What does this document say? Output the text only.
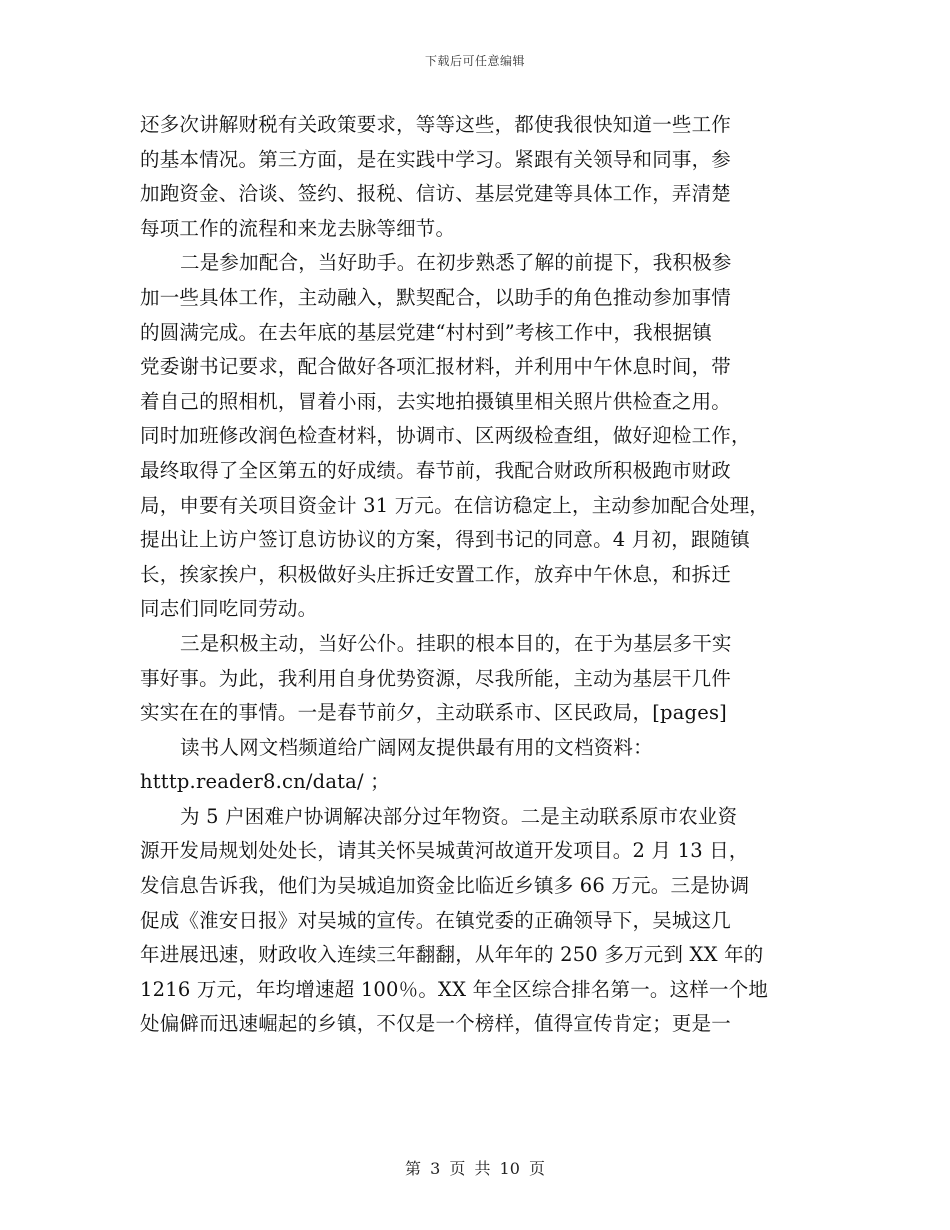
下载后可任意编辑
还多次讲解财税有关政策要求，等等这些，都使我很快知道一些工作
的基本情况。第三方面，是在实践中学习。紧跟有关领导和同事，参
加跑资金、洽谈、签约、报税、信访、基层党建等具体工作，弄清楚
每项工作的流程和来龙去脉等细节。
二是参加配合，当好助手。在初步熟悉了解的前提下，我积极参
加一些具体工作，主动融入，默契配合，以助手的角色推动参加事情
的圆满完成。在去年底的基层党建“村村到”考核工作中，我根据镇
党委谢书记要求，配合做好各项汇报材料，并利用中午休息时间，带
着自己的照相机，冒着小雨，去实地拍摄镇里相关照片供检查之用。
同时加班修改润色检查材料，协调市、区两级检查组，做好迎检工作，
最终取得了全区第五的好成绩。春节前，我配合财政所积极跑市财政
局，申要有关项目资金计 31 万元。在信访稳定上，主动参加配合处理，
提出让上访户签订息访协议的方案，得到书记的同意。4 月初，跟随镇
长，挨家挨户，积极做好头庄拆迁安置工作，放弃中午休息，和拆迁
同志们同吃同劳动。
三是积极主动，当好公仆。挂职的根本目的，在于为基层多干实
事好事。为此，我利用自身优势资源，尽我所能，主动为基层干几件
实实在在的事情。一是春节前夕，主动联系市、区民政局，[pages]
读书人网文档频道给广阔网友提供最有用的文档资料：
htttp.reader8.cn/data/ ；
为 5 户困难户协调解决部分过年物资。二是主动联系原市农业资
源开发局规划处处长，请其关怀吴城黄河故道开发项目。2 月 13 日，
发信息告诉我，他们为吴城追加资金比临近乡镇多 66 万元。三是协调
促成《淮安日报》对吴城的宣传。在镇党委的正确领导下，吴城这几
年进展迅速，财政收入连续三年翻翻，从年年的 250 多万元到 XX 年的
1216 万元，年均增速超 100％。XX 年全区综合排名第一。这样一个地
处偏僻而迅速崛起的乡镇，不仅是一个榜样，值得宣传肯定；更是一
第 3 页 共 10 页
